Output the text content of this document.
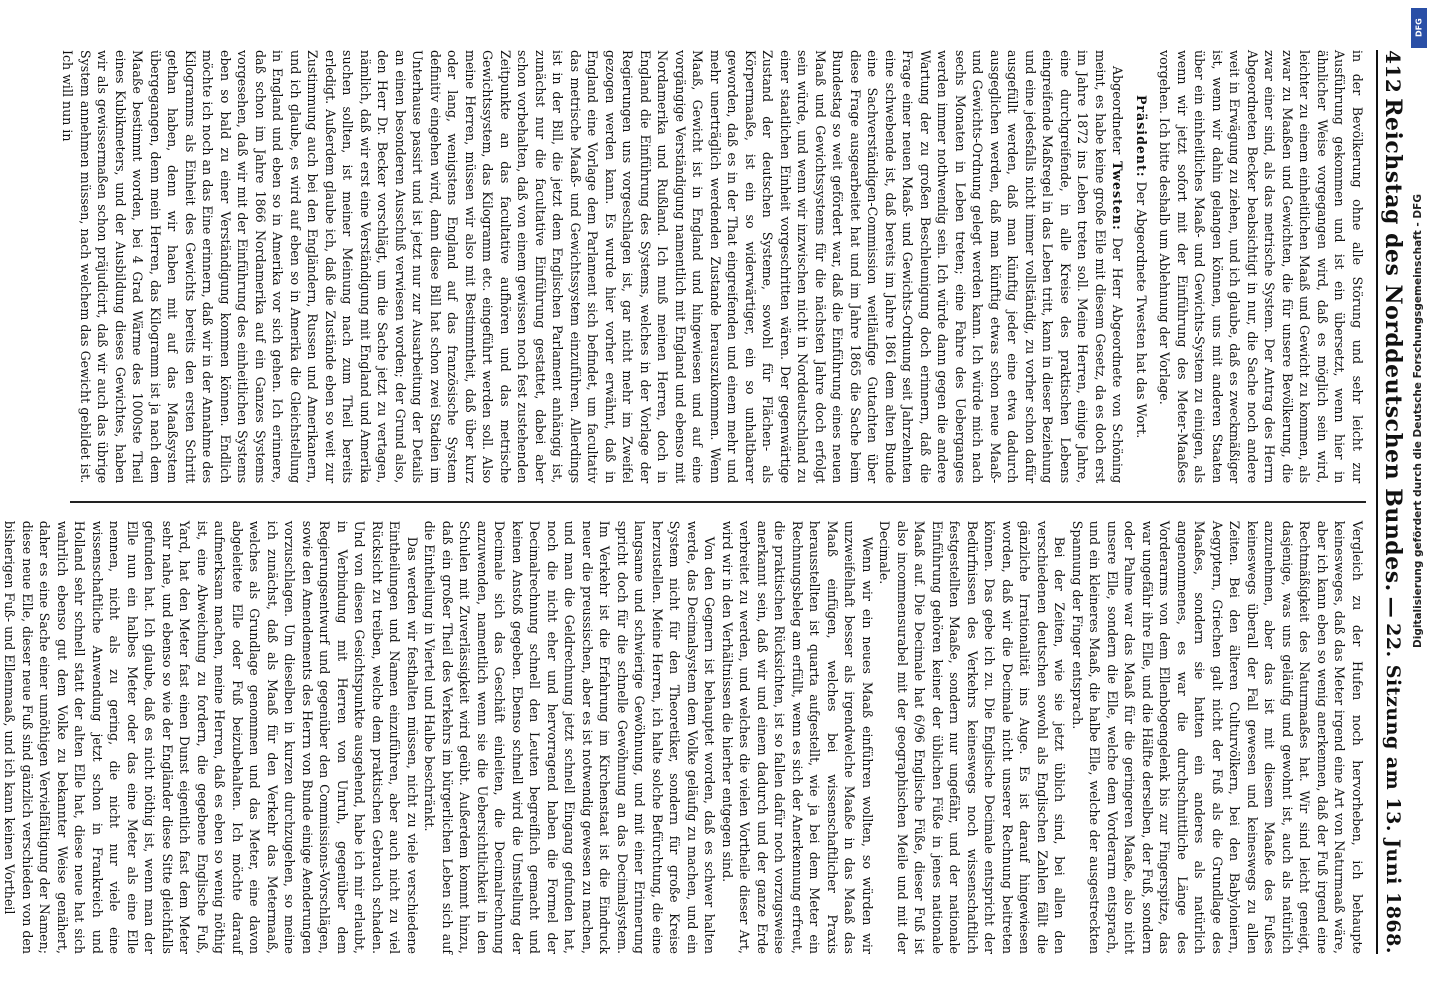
412
Reichstag des Norddeutschen Bundes.
—
22. Sitzung am 13. Juni 1868.

in der Bevölkerung ohne alle Störung und sehr leicht zur Ausführung gekommen und ist ein übersetzt, wenn hier in ähnlicher Weise vorgegangen wird, daß es möglich sein wird, leichter zu einem einheitlichen Maaß und Gewicht zu kommen, als zwar zu Maaßen und Gewichten, die für unsere Bevölkerung, die zwar einer sind, als das metrische System. Der Antrag des Herrn Abgeordneten Becker beabsichtigt in nur, die Sache noch andere weit in Erwägung zu ziehen, und ich glaube, daß es zweckmäßiger ist, wenn wir dahin gelangen können, uns mit anderen Staaten über ein einheitliches Maaß- und Gewichts-System zu einigen, als wenn wir jetzt sofort mit der Einführung des Meter-Maaßes vorgehen. Ich bitte deshalb um Ablehnung der Vorlage.

Präsident: Der Abgeordnete Twesten hat das Wort.

Abgeordneter Twesten: Der Herr Abgeordnete von Schöning meint, es habe keine große Eile mit diesem Gesetz, da es doch erst im Jahre 1872 ins Leben treten soll. Meine Herren, einige Jahre, eine durchgreifende, in alle Kreise des praktischen Lebens eingreifende Maßregel in das Leben tritt, kann in dieser Beziehung und eine jedesfalls nicht immer vollständig, zu vorher schon dafür ausgefüllt werden, daß man künftig jeder eine etwa dadurch ausgeglichen werden, daß man künftig etwas schon neue Maaß- und Gewichts-Ordnung gelegt werden kann. Ich würde mich nach sechs Monaten in Leben treten; eine Fahre des Ueberganges werden immer nothwendig sein. Ich würde dann gegen die andere Wartung der zu großen Beschleunigung doch erinnern, daß die Frage einer neuen Maaß- und Gewichts-Ordnung seit Jahrzehnten eine schwebende ist, daß bereits im Jahre 1861 dem alten Bunde eine Sachverständigen-Commission weitläufige Gutachten über diese Frage ausgearbeitet hat und im Jahre 1865 die Sache beim Bundestag so weit gefördert war, daß die Einführung eines neuen Maaß und Gewichtssystems für die nächsten Jahre doch erfolgt sein würde, und wenn wir inzwischen nicht in Norddeutschland zu einer staatlichen Einheit vorgeschritten wären. Der gegenwärtige Zustand der deutschen Systeme, sowohl für Flächen- als Körpermaaße, ist ein so widerwärtiger, ein so unhaltbarer geworden, daß es in der That eingreifenden und einem mehr und mehr unerträglich werdenden Zustande herauszukommen. Wenn Maaß, Gewicht ist in England und hingewiesen und auf eine vorgängige Verständigung namentlich mit England und ebenso mit Nordamerika und Rußland. Ich muß meinen Herren, doch in England die Einführung des Systems, welches in der Vorlage der Regierungen uns vorgeschlagen ist, gar nicht mehr im Zweifel gezogen werden kann. Es wurde hier vorher erwähnt, daß in England eine Vorlage dem Parlament sich befindet, um facultativ das metrische Maaß- und Gewichtssystem einzuführen. Allerdings ist in der Bill, die jetzt dem Englischen Parlament anhängig ist, zunächst nur die facultative Einführung gestattet, dabei aber schon vorbehalten, daß von einem gewissen noch fest zustehenden Zeitpunkte an das facultative aufhören und das metrische Gewichtssystem, das Kilogramm etc. eingeführt werden soll. Also meine Herren, müssen wir also mit Bestimmtheit, daß über kurz oder lang, wenigstens England auf das französische System definitiv eingehen wird, dann diese Bill hat schon zwei Stadien im Unterhause passirt und ist jetzt nur zur Ausarbeitung der Details an einen besonderen Ausschuß verwiesen worden; der Grund also, den Herr Dr. Becker vorschlägt, um die Sache jetzt zu vertagen, nämlich, daß wir erst eine Verständigung mit England und Amerika suchen sollten, ist meiner Meinung nach zum Theil bereits erledigt. Außerdem glaube ich, daß die Zustände eben so weit zur Zustimmung auch bei den Engländern, Russen und Amerikanern, und ich glaube, es wird auf eben so in Amerika die Gleichstellung in England und eben so in Amerika vor sich gehen. Ich erinnere, daß schon im Jahre 1866 Nordamerika auf ein Ganzes Systems vorgesehen, daß wir mit der Einführung des einheitlichen Systems eben so bald zu einer Verständigung kommen können. Endlich möchte ich noch an das Eine erinnern, daß wir in der Annahme des Kilogramms als Einheit des Gewichts bereits den ersten Schritt gethan haben, denn wir haben mit auf das Maaßsystem übergegangen, denn mein Herren, das Kilogramm ist ja nach dem Maaße bestimmt worden, bei 4 Grad Wärme des 1000ste Theil eines Kubikmeters, und der Ausbildung dieses Gewichtes, haben wir als gewissermaßen schon präjudicirt, daß wir auch das übrige System annehmen müssen, nach welchem das Gewicht gebildet ist. Ich will nun in

Vergleich zu der Hufen noch hervorheben, ich behaupte keinesweges, daß das Meter irgend eine Art von Naturmaaß wäre, aber ich kann eben so wenig anerkennen, daß der Fuß irgend eine Rechtmäßigkeit des Naturmaaßes hat. Wir sind leicht geneigt, dasjenige, was uns geläufig und gewohnt ist, auch als natürlich anzunehmen, aber das ist mit diesem Maaße des Fußes keineswegs überall der Fall gewesen und keineswegs zu allen Zeiten. Bei den älteren Culturvölkern, bei den Babyloniern, Aegyptern, Griechen galt nicht der Fuß als die Grundlage des Maaßes, sondern sie hatten ein anderes als natürlich angenommenes, es war die durchschnittliche Länge des Vorderarms von dem Ellenbogengelenk bis zur Fingerspitze, das war ungefähr ihre Elle, und die Hälfte derselben, der Fuß, sondern oder Palme war das Maaß für die geringeren Maaße, also nicht unsere Elle, sondern die Elle, welche dem Vorderarm entsprach, und ein kleineres Maaß, die halbe Elle, welche der ausgestreckten Spannung der Finger entsprach.

Bei der Zeiten, wie sie jetzt üblich sind, bei allen den verschiedenen deutschen sowohl als Englischen Zahlen fällt die gänzliche Irrationalität ins Auge. Es ist darauf hingewiesen worden, daß wir die Decimale nicht unserer Rechnung beitreten können. Das gebe ich zu. Die Englische Decimale entspricht der Bedürfnissen des Verkehrs keineswegs noch wissenschaftlich festgestellten Maaße, sondern nur ungefähr, und der nationale Einführung gehören keiner der üblichen Füße in jenes nationale Maaß auf. Die Decimale hat 6/96 Englische Füße, dieser Fuß ist also incommensurabel mit der geographischen Meile und mit der Decimale.

Wenn wir ein neues Maaß einführen wollten, so würden wir unzweifelhaft besser als irgendwelche Maaße in das Maaß das Maaß einfügen, welches bei wissenschaftlicher Praxis herausstellten ist quarta aufgestellt, wie ja bei dem Meter ein Rechnungsbeleg am erfüllt, wenn es sich der Anerkennung erfreut, die praktischen Rücksichten, ist so fallen dafür noch vorzugsweise anerkannt sein, daß wir und einem dadurch und der ganze Erde verbreitet zu werden, und welches die vielen Vortheile dieser Art, wird wir in den Verhältnissen die hierher entgegen sind.

Von den Gegnern ist behauptet worden, daß es schwer halten werde, das Decimalsystem dem Volke geläufig zu machen, und ein System nicht für den Theoretiker, sondern für große Kreise herzustellen. Meine Herren, ich halte solche Befürchtung, die eine langsame und schwierige Gewöhnung, und mit einer Erinnerung spricht doch für die schnelle Gewöhnung an das Decimalsystem. Im Verkehr ist die Erfahrung im Kirchenstaat ist die Eindruck neuer die preussischen, aber es ist notwendig gewesen zu machen, und man die Geldrechnung jetzt schnell Eingang gefunden hat, noch die nicht eher und hervorragend haben die Formel der Decimalrechnung schnell den Leuten begreiflich gemacht und keinen Anstoß gegeben. Ebenso schnell wird die Umstellung der Decimale sich das Geschäft einleiten, die Decimalrechnung anzuwenden, namentlich wenn sie die Uebersichtlichkeit in den Schulen mit Zuverlässigkeit wird geübt. Außerdem kommt hinzu, daß ein großer Theil des Verkehrs im bürgerlichen Leben sich auf die Eintheilung in Viertel und Halbe beschränkt.

Das werden wir festhalten müssen, nicht zu viele verschiedene Eintheilungen und Namen einzuführen, aber auch nicht zu viel Rücksicht zu treiben, welche dem praktischen Gebrauch schaden. Und von diesen Gesichtspunkte ausgehend, habe ich mir erlaubt, in Verbindung mit Herren von Unruh, gegenüber dem Regierungsentwurf und gegenüber den Commissions-Vorschlägen, sowie den Amendements des Herrn von Bunde einige Aenderungen vorzuschlagen. Um dieselben in kurzen durchzugehen, so meine ich zunächst, daß als Maaß für den Verkehr das Metermaaß, welches als Grundlage genommen und das Meter, eine davon abgeleitete Elle oder Fuß beizubehalten. Ich möchte darauf aufmerksam machen, meine Herren, daß es eben so wenig nöthig ist, eine Abweichung zu fordern, die gegebene Englische Fuß, Yard, hat den Meter fast einen Dunst eigentlich fast dem Meter sehr nahe, und ebenso so wie der Engländer diese Sitte gleichfalls gefunden hat. Ich glaube, daß es nicht nöthig ist, wenn man der Elle nun ein halbes Meter oder das eine Meter als eine Elle nennen, nicht als zu gering, die nicht nur viele eine wissenschaftliche Anwendung jetzt schon in Frankreich und Holland sehr schnell statt der alten Elle hat, diese neue hat sich wahrlich ebenso gut dem Volke zu bekannter Weise genähert, daher es eine Sache einer unnöthigen Vervielfältigung der Namen; diese neue Elle, dieser neue Fuß sind gänzlich verschieden von den bisherigen Fuß- und Ellenmaaß, und ich kann keinen Vortheil

Digitalisierung gefördert durch die Deutsche Forschungsgemeinschaft - DFG
DFG
